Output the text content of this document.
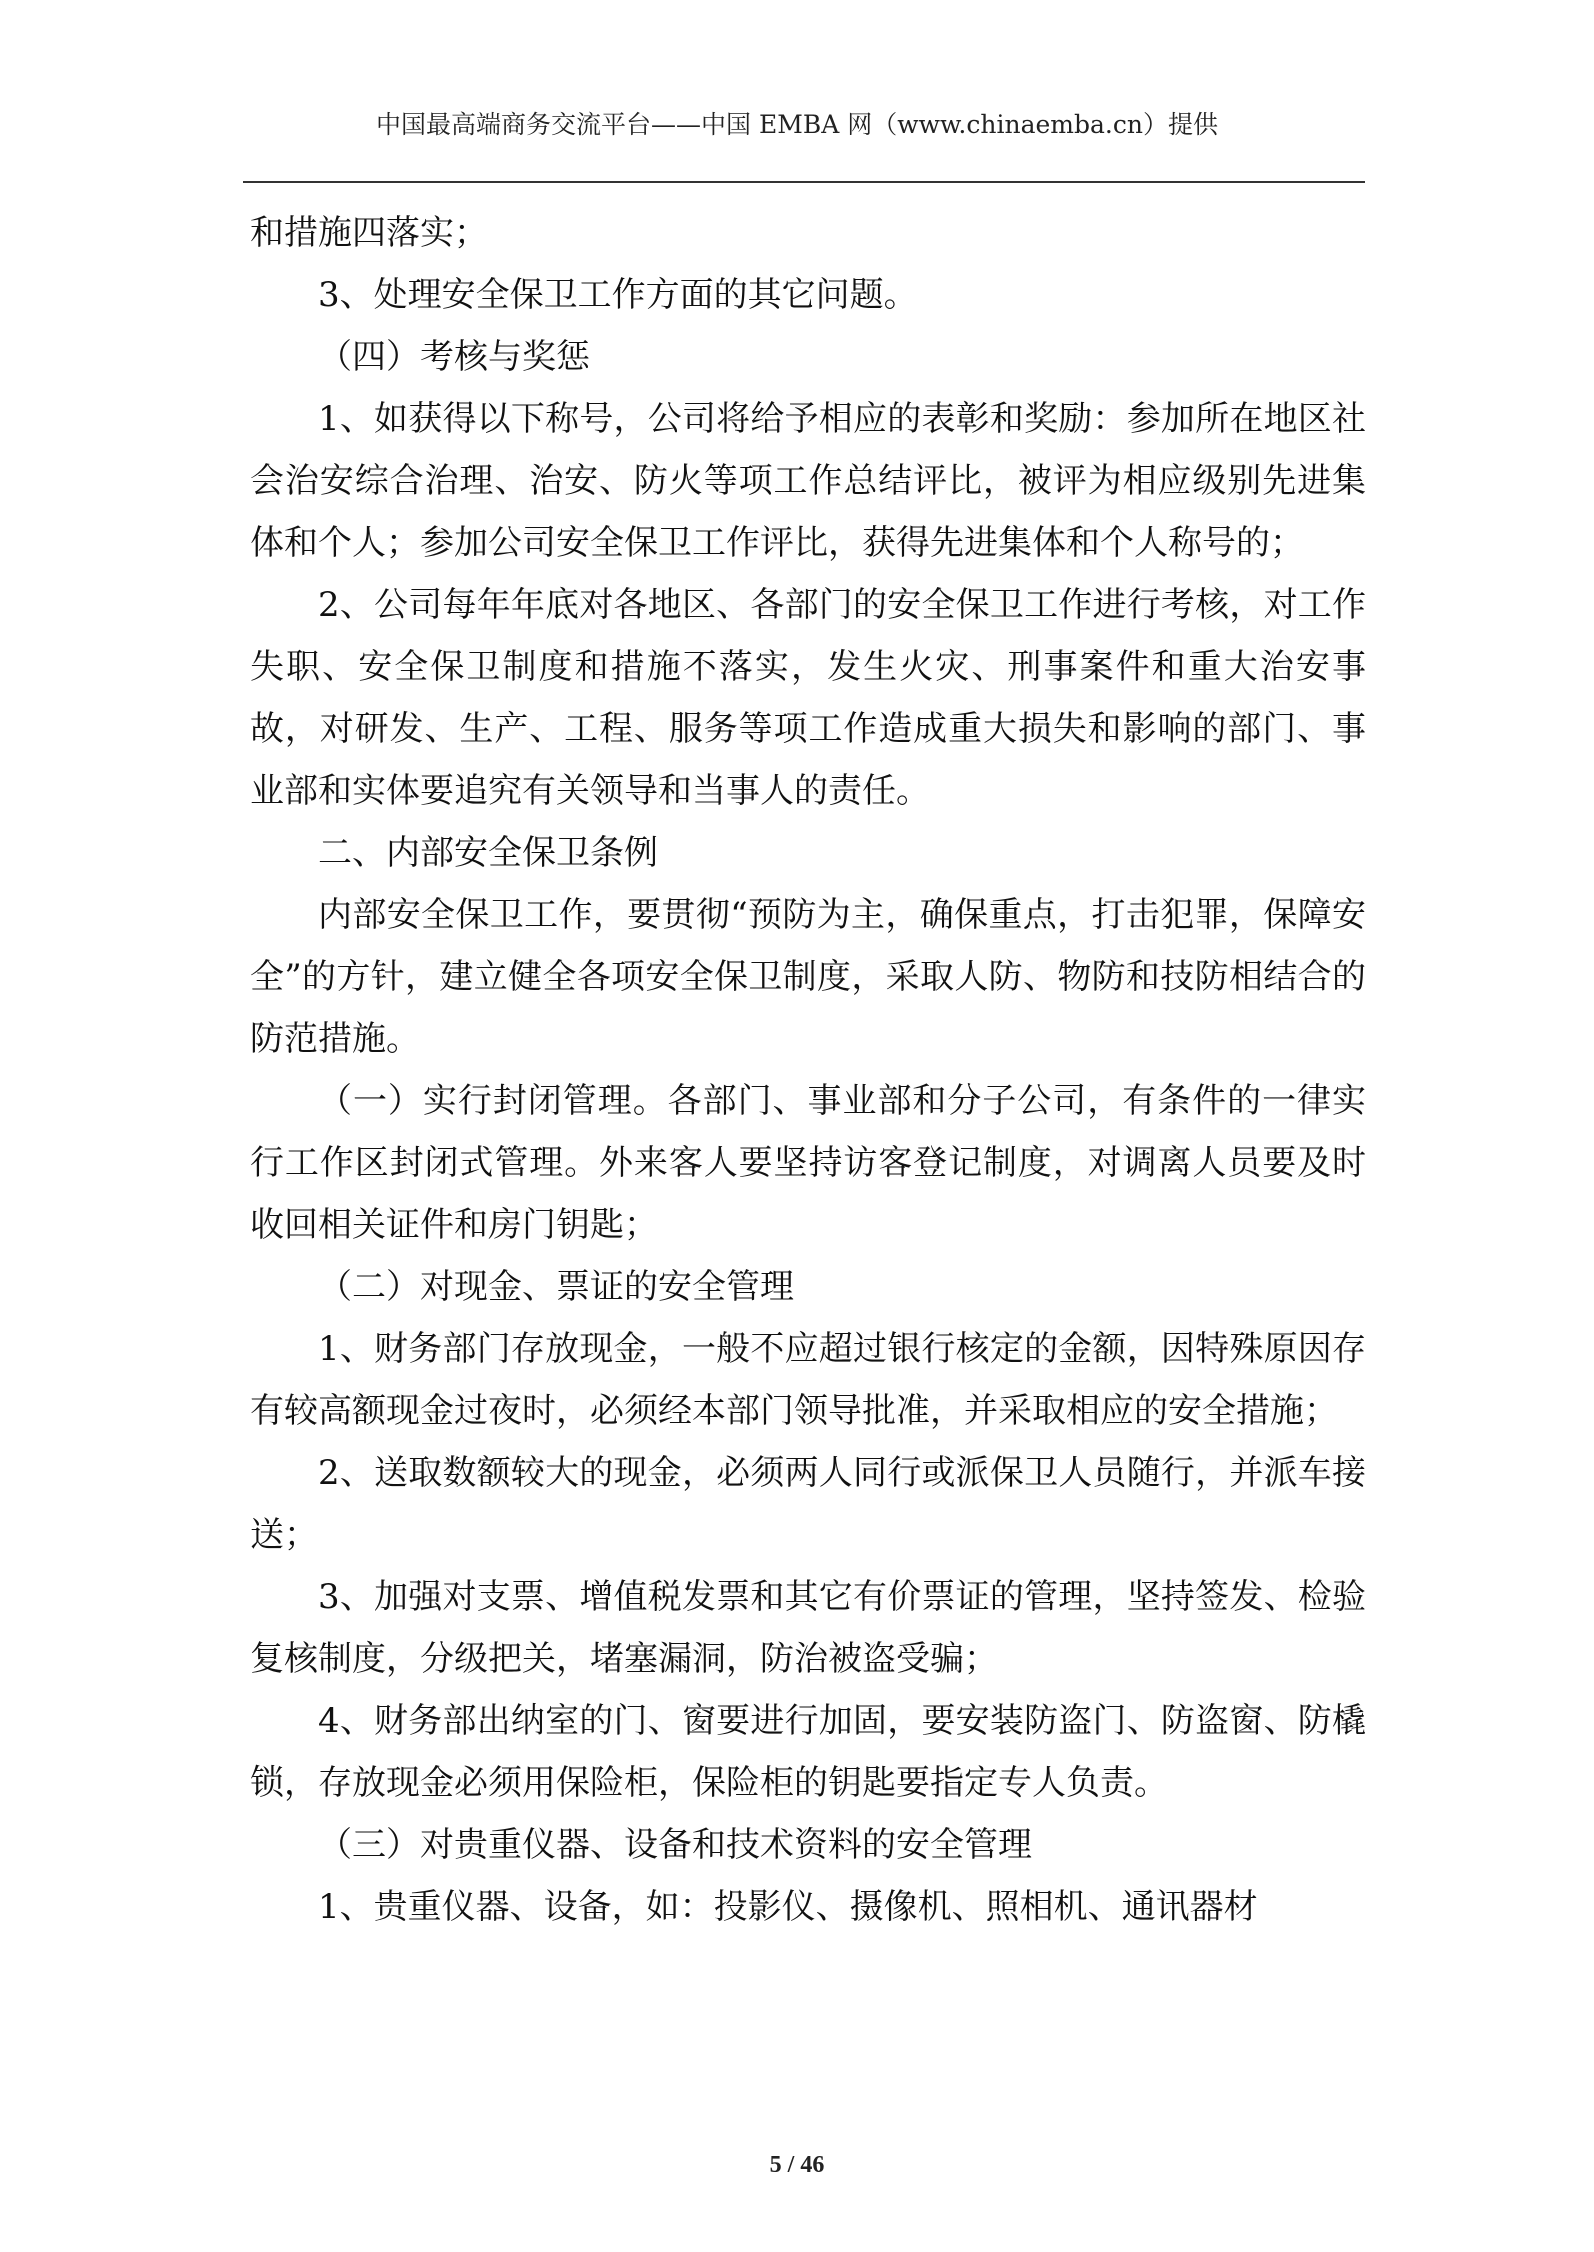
中国最高端商务交流平台——中国 EMBA 网（www.chinaemba.cn）提供

和措施四落实；

3、处理安全保卫工作方面的其它问题。

（四）考核与奖惩

1、如获得以下称号，公司将给予相应的表彰和奖励：参加所在地区社会治安综合治理、治安、防火等项工作总结评比，被评为相应级别先进集体和个人；参加公司安全保卫工作评比，获得先进集体和个人称号的；

2、公司每年年底对各地区、各部门的安全保卫工作进行考核，对工作失职、安全保卫制度和措施不落实，发生火灾、刑事案件和重大治安事故，对研发、生产、工程、服务等项工作造成重大损失和影响的部门、事业部和实体要追究有关领导和当事人的责任。

二、内部安全保卫条例

内部安全保卫工作，要贯彻“预防为主，确保重点，打击犯罪，保障安全”的方针，建立健全各项安全保卫制度，采取人防、物防和技防相结合的防范措施。

（一）实行封闭管理。各部门、事业部和分子公司，有条件的一律实行工作区封闭式管理。外来客人要坚持访客登记制度，对调离人员要及时收回相关证件和房门钥匙；

（二）对现金、票证的安全管理

1、财务部门存放现金，一般不应超过银行核定的金额，因特殊原因存有较高额现金过夜时，必须经本部门领导批准，并采取相应的安全措施；

2、送取数额较大的现金，必须两人同行或派保卫人员随行，并派车接送；

3、加强对支票、增值税发票和其它有价票证的管理，坚持签发、检验复核制度，分级把关，堵塞漏洞，防治被盗受骗；

4、财务部出纳室的门、窗要进行加固，要安装防盗门、防盗窗、防橇锁，存放现金必须用保险柜，保险柜的钥匙要指定专人负责。

（三）对贵重仪器、设备和技术资料的安全管理

1、贵重仪器、设备，如：投影仪、摄像机、照相机、通讯器材

5 / 46
